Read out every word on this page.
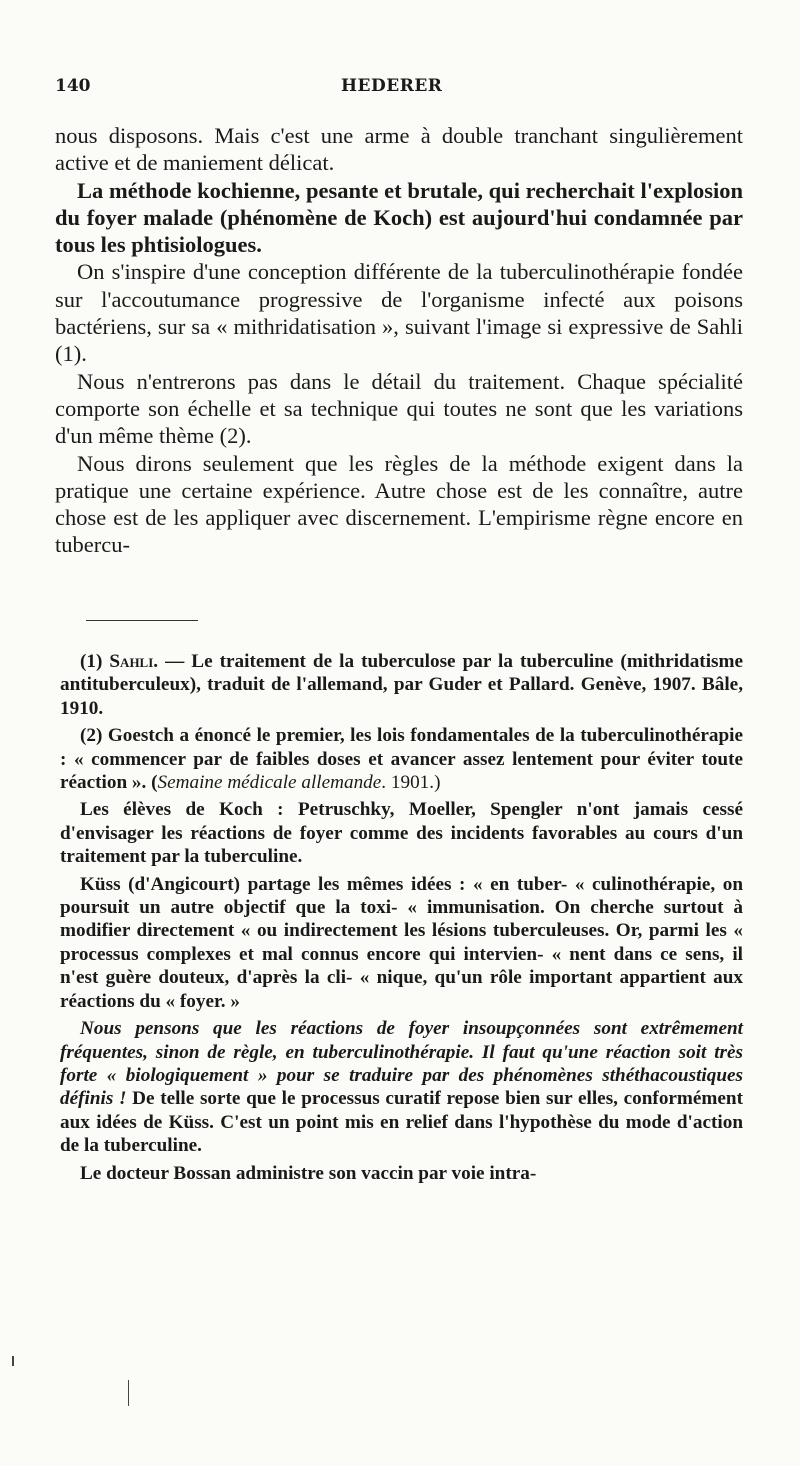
140	HEDERER

nous disposons. Mais c'est une arme à double tranchant singulièrement active et de maniement délicat.

La méthode kochienne, pesante et brutale, qui recherchait l'explosion du foyer malade (phénomène de Koch) est aujourd'hui condamnée par tous les phtisiologues.

On s'inspire d'une conception différente de la tuberculinothérapie fondée sur l'accoutumance progressive de l'organisme infecté aux poisons bactériens, sur sa « mithridatisation », suivant l'image si expressive de Sahli (1).

Nous n'entrerons pas dans le détail du traitement. Chaque spécialité comporte son échelle et sa technique qui toutes ne sont que les variations d'un même thème (2).

Nous dirons seulement que les règles de la méthode exigent dans la pratique une certaine expérience. Autre chose est de les connaître, autre chose est de les appliquer avec discernement. L'empirisme règne encore en tubercu-

(1) Sahli. — Le traitement de la tuberculose par la tuberculine (mithridatisme antituberculeux), traduit de l'allemand, par Guder et Pallard. Genève, 1907. Bâle, 1910.

(2) Goestch a énoncé le premier, les lois fondamentales de la tuberculinothérapie : « commencer par de faibles doses et avancer assez lentement pour éviter toute réaction ». (Semaine médicale allemande. 1901.)

Les élèves de Koch : Petruschky, Moeller, Spengler n'ont jamais cessé d'envisager les réactions de foyer comme des incidents favorables au cours d'un traitement par la tuberculine.

Küss (d'Angicourt) partage les mêmes idées : « en tuber- « culinothérapie, on poursuit un autre objectif que la toxi- « immunisation. On cherche surtout à modifier directement « ou indirectement les lésions tuberculeuses. Or, parmi les « processus complexes et mal connus encore qui intervien- « nent dans ce sens, il n'est guère douteux, d'après la cli- « nique, qu'un rôle important appartient aux réactions du « foyer. »

Nous pensons que les réactions de foyer insoupçonnées sont extrêmement fréquentes, sinon de règle, en tuberculinothérapie. Il faut qu'une réaction soit très forte « biologiquement » pour se traduire par des phénomènes sthéthacoustiques définis ! De telle sorte que le processus curatif repose bien sur elles, conformément aux idées de Küss. C'est un point mis en relief dans l'hypothèse du mode d'action de la tuberculine.

Le docteur Bossan administre son vaccin par voie intra-
